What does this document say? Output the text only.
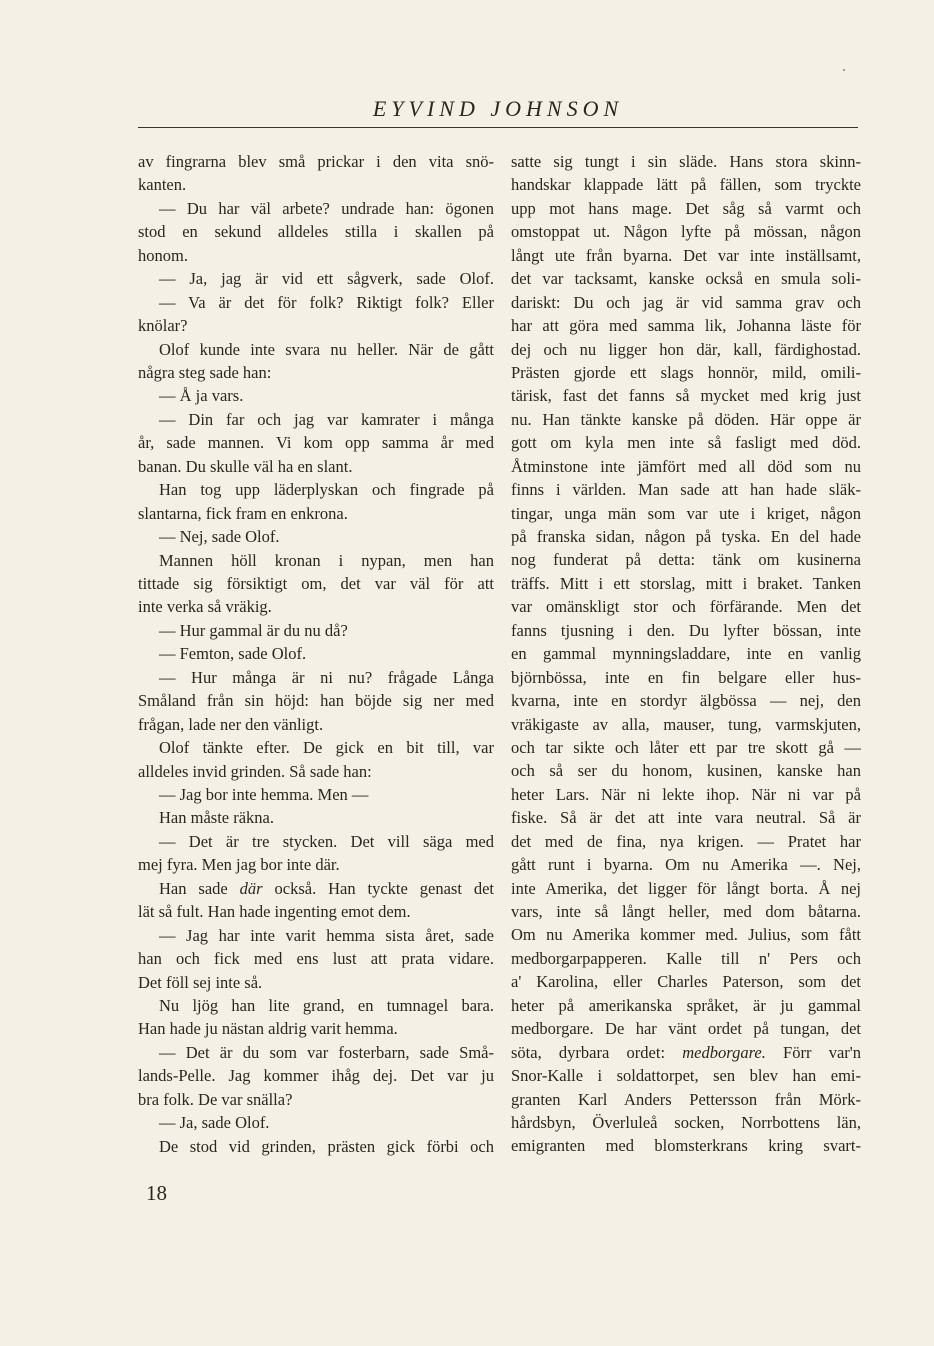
EYVIND JOHNSON
av fingrarna blev små prickar i den vita snö-
kanten.
— Du har väl arbete? undrade han: ögonen
stod en sekund alldeles stilla i skallen på
honom.
— Ja, jag är vid ett sågverk, sade Olof.
— Va är det för folk? Riktigt folk? Eller
knölar?
Olof kunde inte svara nu heller. När de gått
några steg sade han:
— Å ja vars.
— Din far och jag var kamrater i många
år, sade mannen. Vi kom opp samma år med
banan. Du skulle väl ha en slant.
Han tog upp läderplyskan och fingrade på
slantarna, fick fram en enkrona.
— Nej, sade Olof.
Mannen höll kronan i nypan, men han
tittade sig försiktigt om, det var väl för att
inte verka så vräkig.
— Hur gammal är du nu då?
— Femton, sade Olof.
— Hur många är ni nu? frågade Långa
Småland från sin höjd: han böjde sig ner med
frågan, lade ner den vänligt.
Olof tänkte efter. De gick en bit till, var
alldeles invid grinden. Så sade han:
— Jag bor inte hemma. Men —
Han måste räkna.
— Det är tre stycken. Det vill säga med
mej fyra. Men jag bor inte där.
Han sade där också. Han tyckte genast det
lät så fult. Han hade ingenting emot dem.
— Jag har inte varit hemma sista året, sade
han och fick med ens lust att prata vidare.
Det föll sej inte så.
Nu ljög han lite grand, en tumnagel bara.
Han hade ju nästan aldrig varit hemma.
— Det är du som var fosterbarn, sade Små-
lands-Pelle. Jag kommer ihåg dej. Det var ju
bra folk. De var snälla?
— Ja, sade Olof.
De stod vid grinden, prästen gick förbi och
satte sig tungt i sin släde. Hans stora skinn-
handskar klappade lätt på fällen, som tryckte
upp mot hans mage. Det såg så varmt och
omstoppat ut. Någon lyfte på mössan, någon
långt ute från byarna. Det var inte inställsamt,
det var tacksamt, kanske också en smula soli-
dariskt: Du och jag är vid samma grav och
har att göra med samma lik, Johanna läste för
dej och nu ligger hon där, kall, färdighostad.
Prästen gjorde ett slags honnör, mild, omili-
tärisk, fast det fanns så mycket med krig just
nu. Han tänkte kanske på döden. Här oppe är
gott om kyla men inte så fasligt med död.
Åtminstone inte jämfört med all död som nu
finns i världen. Man sade att han hade släk-
tingar, unga män som var ute i kriget, någon
på franska sidan, någon på tyska. En del hade
nog funderat på detta: tänk om kusinerna
träffs. Mitt i ett storslag, mitt i braket. Tanken
var omänskligt stor och förfärande. Men det
fanns tjusning i den. Du lyfter bössan, inte
en gammal mynningsladdare, inte en vanlig
björnbössa, inte en fin belgare eller hus-
kvarna, inte en stordyr älgbössa — nej, den
vräkigaste av alla, mauser, tung, varmskjuten,
och tar sikte och låter ett par tre skott gå —
och så ser du honom, kusinen, kanske han
heter Lars. När ni lekte ihop. När ni var på
fiske. Så är det att inte vara neutral. Så är
det med de fina, nya krigen. — Pratet har
gått runt i byarna. Om nu Amerika —. Nej,
inte Amerika, det ligger för långt borta. Å nej
vars, inte så långt heller, med dom båtarna.
Om nu Amerika kommer med. Julius, som fått
medborgarpapperen. Kalle till n' Pers och
a' Karolina, eller Charles Paterson, som det
heter på amerikanska språket, är ju gammal
medborgare. De har vänt ordet på tungan, det
söta, dyrbara ordet: medborgare. Förr var'n
Snor-Kalle i soldattorpet, sen blev han emi-
granten Karl Anders Pettersson från Mörk-
hårdsbyn, Överluleå socken, Norrbottens län,
emigranten med blomsterkrans kring svart-
18
